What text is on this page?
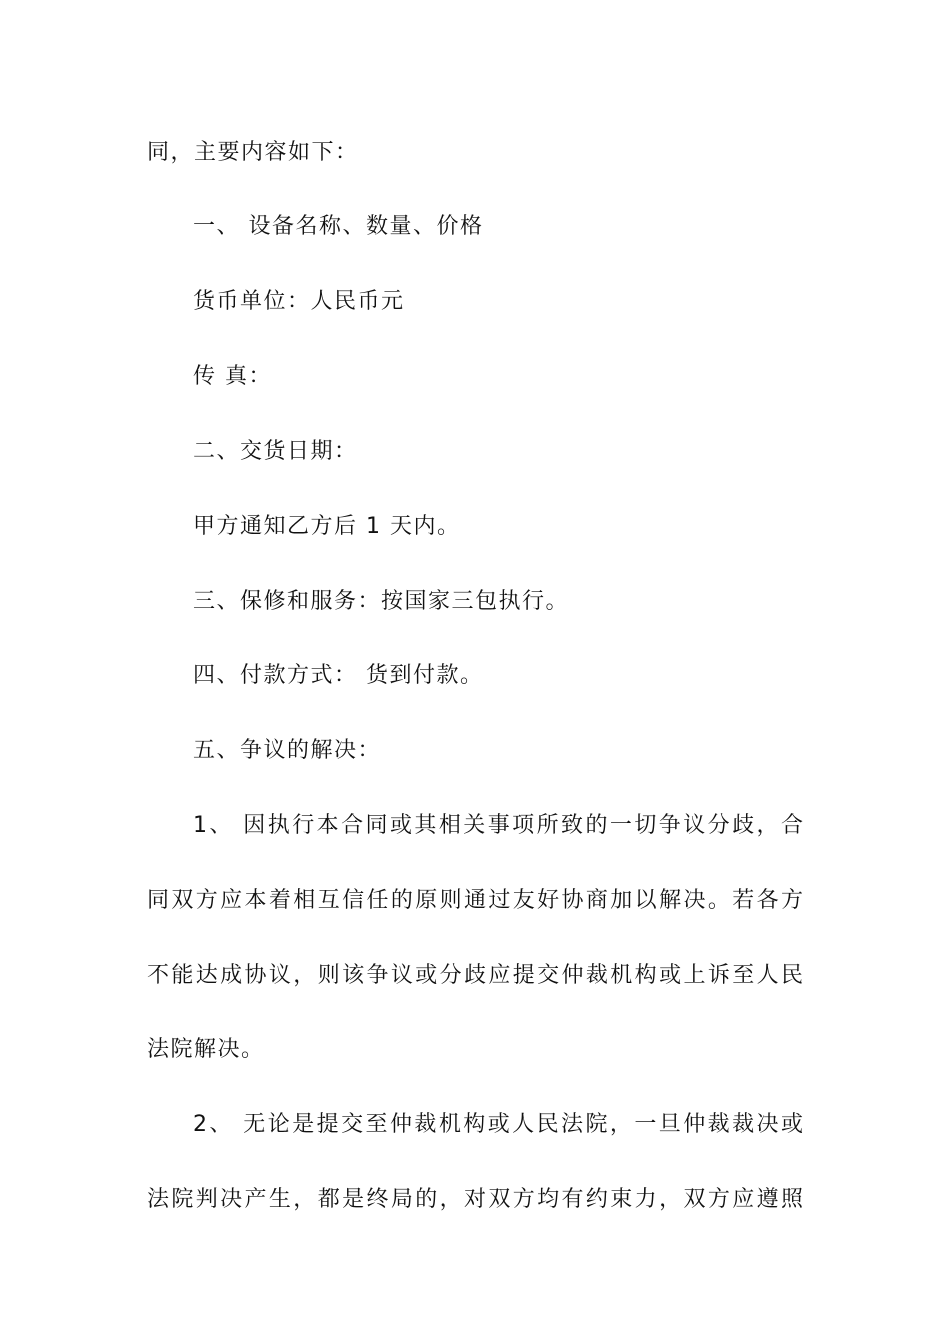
同，主要内容如下：
一、 设备名称、数量、价格
货币单位：人民币元
传 真：
二、交货日期：
甲方通知乙方后 1 天内。
三、保修和服务：按国家三包执行。
四、付款方式： 货到付款。
五、争议的解决：
1、 因执行本合同或其相关事项所致的一切争议分歧，合
同双方应本着相互信任的原则通过友好协商加以解决。若各方
不能达成协议，则该争议或分歧应提交仲裁机构或上诉至人民
法院解决。
2、 无论是提交至仲裁机构或人民法院，一旦仲裁裁决或
法院判决产生，都是终局的，对双方均有约束力，双方应遵照
